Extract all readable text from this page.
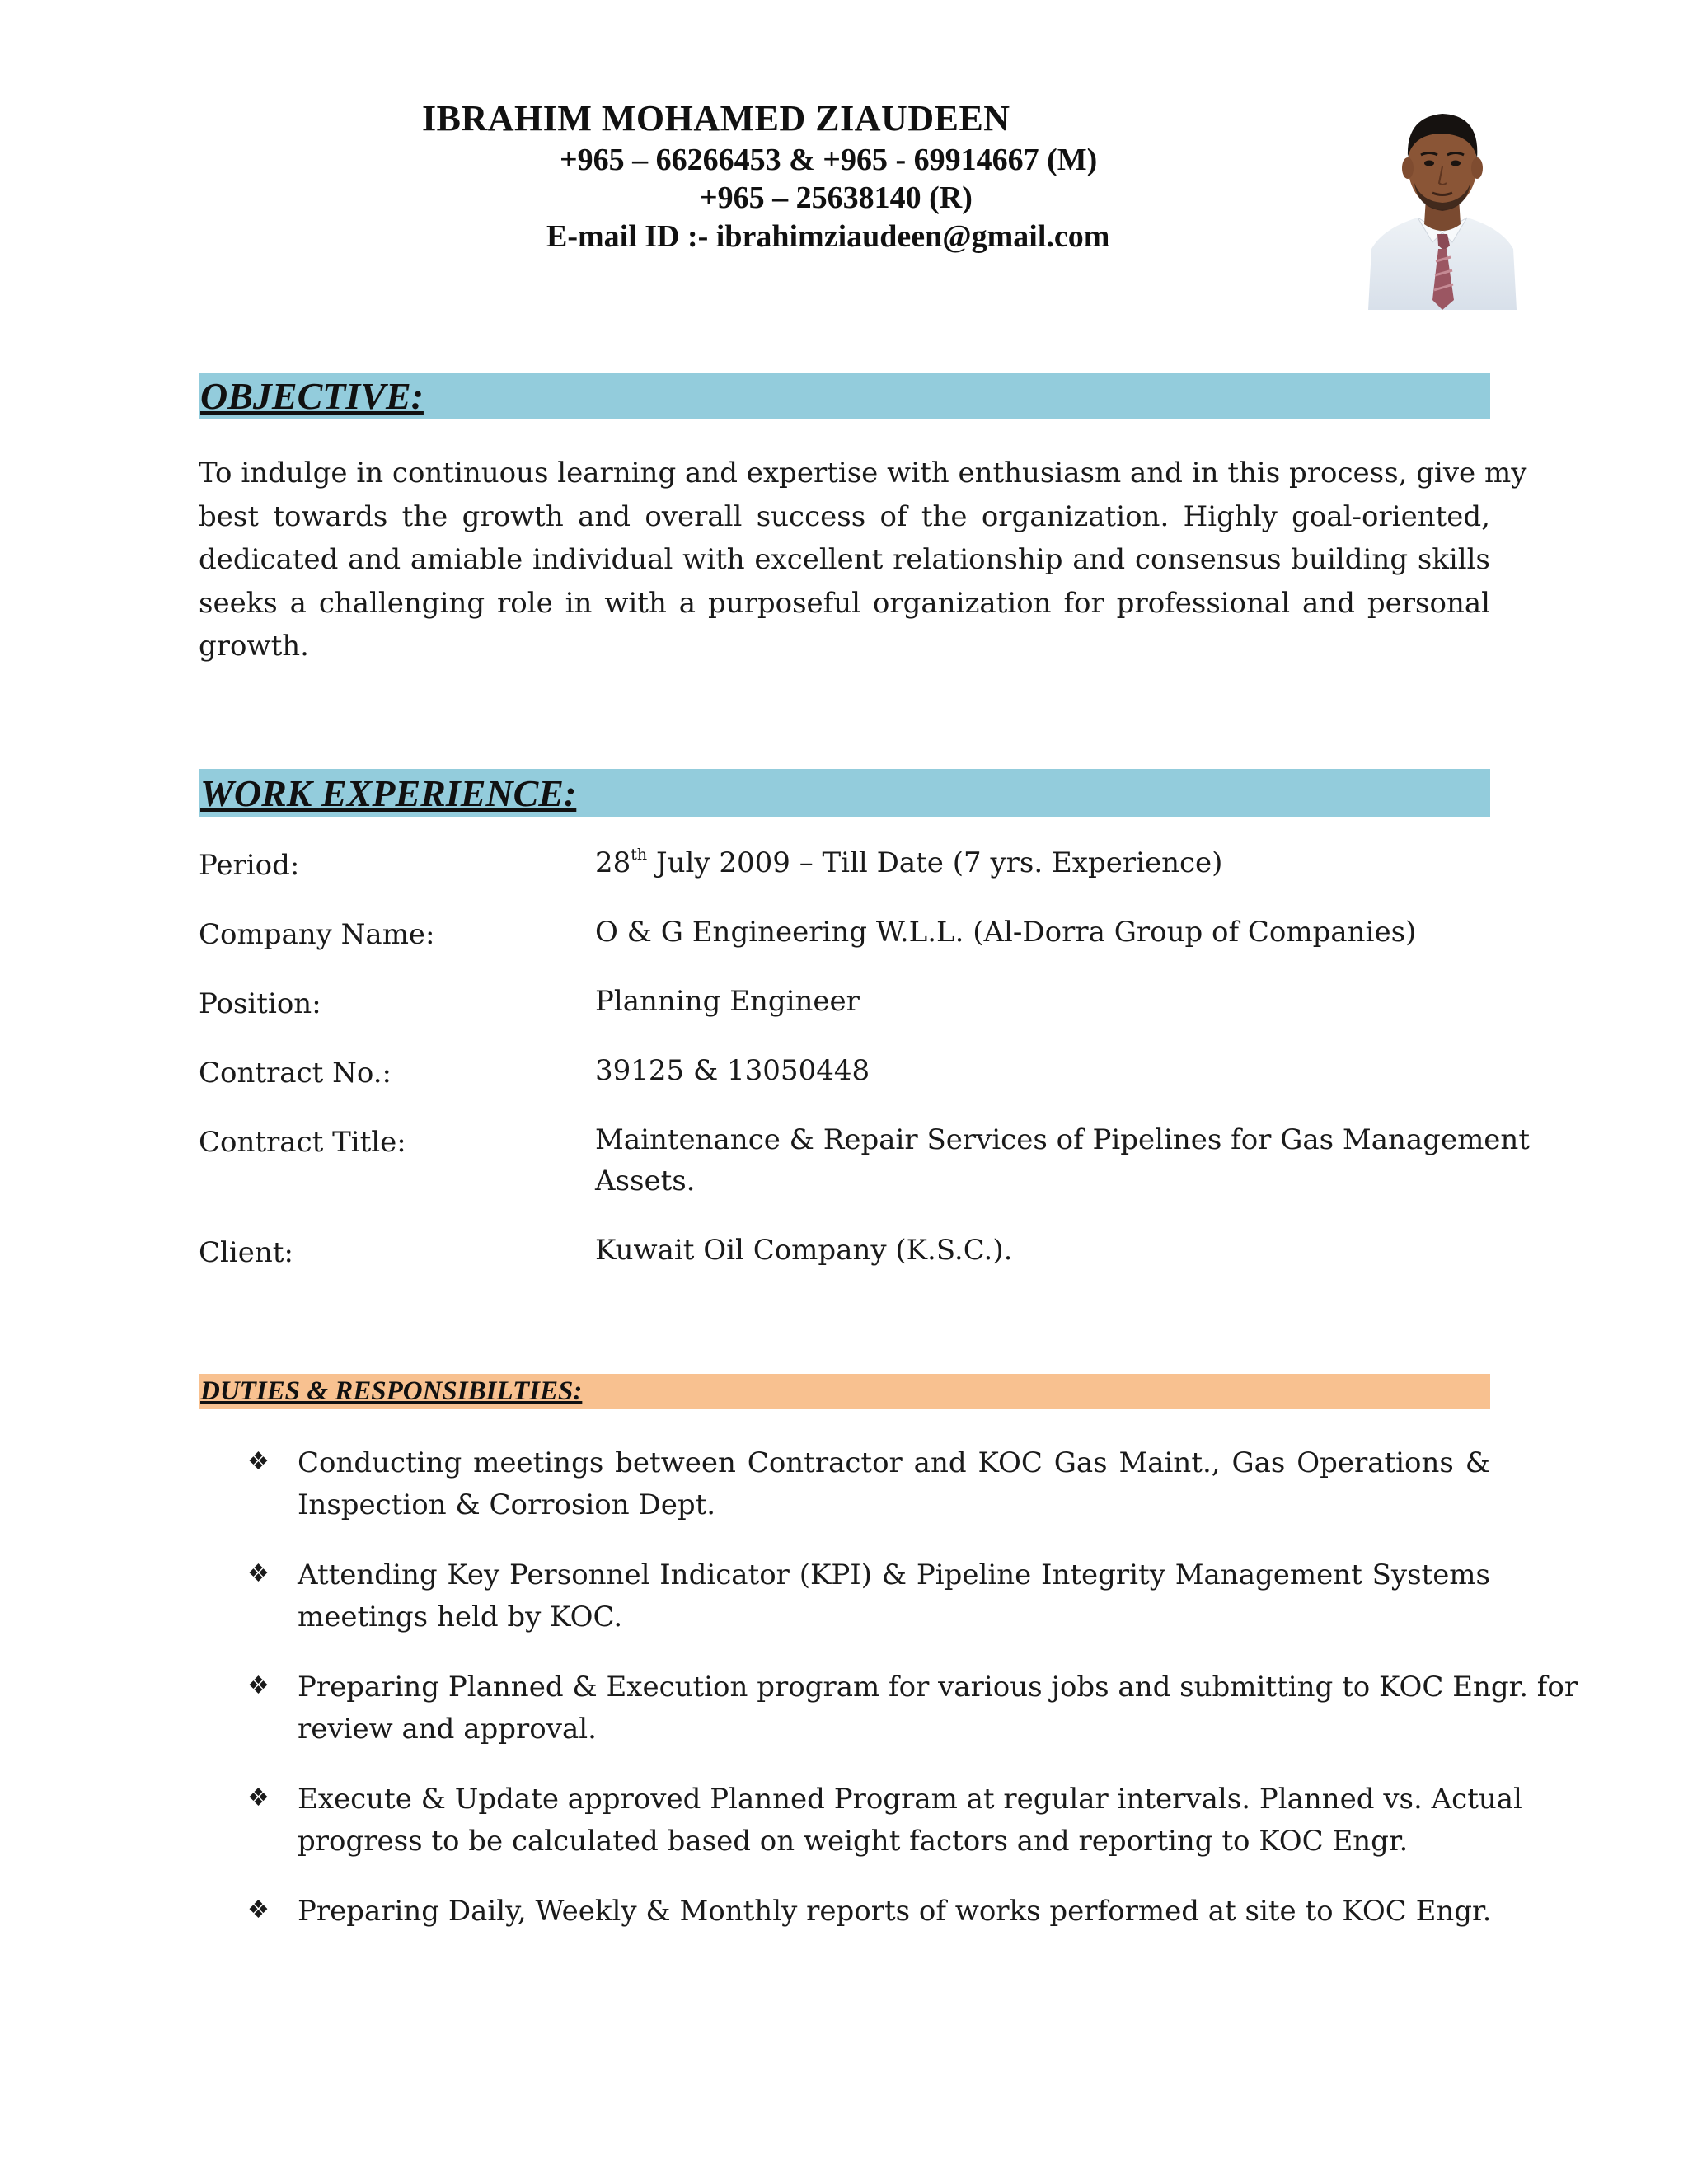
IBRAHIM MOHAMED ZIAUDEEN
+965 – 66266453 & +965 - 69914667 (M)
+965 – 25638140 (R)
E-mail ID :- ibrahimziaudeen@gmail.com
OBJECTIVE:
To indulge in continuous learning and expertise with enthusiasm and in this process, give my
best towards the growth and overall success of the organization. Highly goal-oriented,
dedicated and amiable individual with excellent relationship and consensus building skills
seeks a challenging role in with a purposeful organization for professional and personal
growth.
WORK EXPERIENCE:
Period:	28th July 2009 – Till Date (7 yrs. Experience)
Company Name:	O & G Engineering W.L.L. (Al-Dorra Group of Companies)
Position:	Planning Engineer
Contract No.:	39125 & 13050448
Contract Title:	Maintenance & Repair Services of Pipelines for Gas Management
Assets.
Client:	Kuwait Oil Company (K.S.C.).
DUTIES & RESPONSIBILTIES:
❖ Conducting meetings between Contractor and KOC Gas Maint., Gas Operations &
Inspection & Corrosion Dept.
❖ Attending Key Personnel Indicator (KPI) & Pipeline Integrity Management Systems
meetings held by KOC.
❖ Preparing Planned & Execution program for various jobs and submitting to KOC Engr. for
review and approval.
❖ Execute & Update approved Planned Program at regular intervals. Planned vs. Actual
progress to be calculated based on weight factors and reporting to KOC Engr.
❖ Preparing Daily, Weekly & Monthly reports of works performed at site to KOC Engr.
